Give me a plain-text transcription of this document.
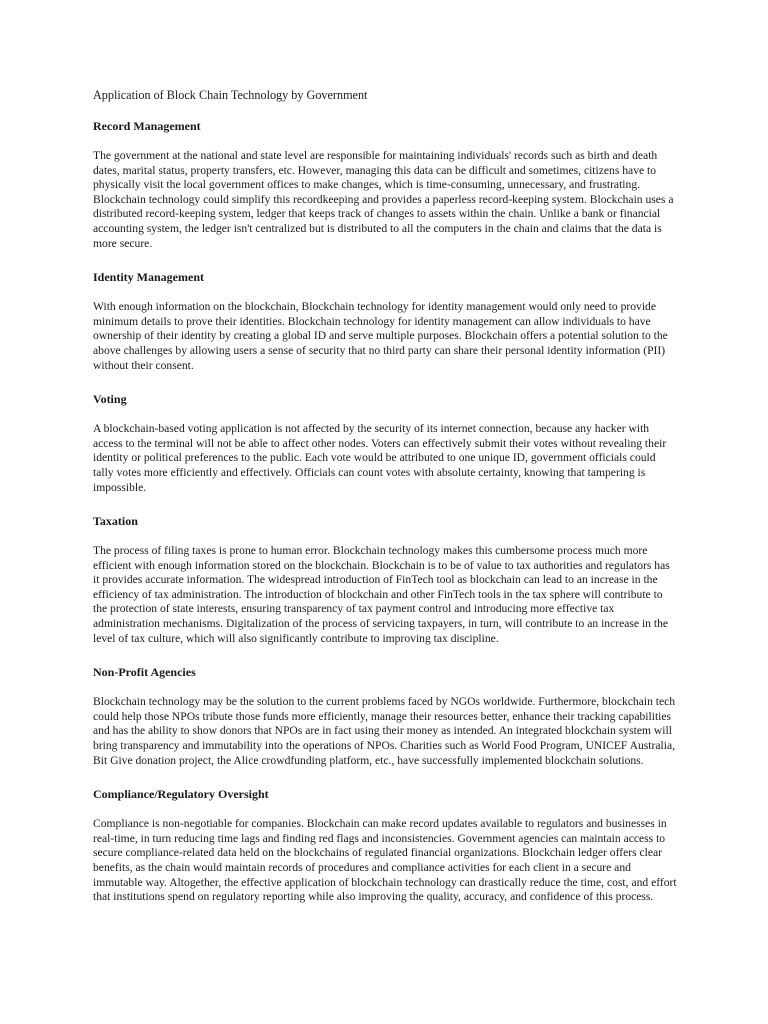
Application of Block Chain Technology by Government

Record Management

The government at the national and state level are responsible for maintaining individuals' records such as birth and death dates, marital status, property transfers, etc. However, managing this data can be difficult and sometimes, citizens have to physically visit the local government offices to make changes, which is time-consuming, unnecessary, and frustrating. Blockchain technology could simplify this recordkeeping and provides a paperless record-keeping system. Blockchain uses a distributed record-keeping system, ledger that keeps track of changes to assets within the chain. Unlike a bank or financial accounting system, the ledger isn't centralized but is distributed to all the computers in the chain and claims that the data is more secure.

Identity Management

With enough information on the blockchain, Blockchain technology for identity management would only need to provide minimum details to prove their identities. Blockchain technology for identity management can allow individuals to have ownership of their identity by creating a global ID and serve multiple purposes. Blockchain offers a potential solution to the above challenges by allowing users a sense of security that no third party can share their personal identity information (PII) without their consent.

Voting

A blockchain-based voting application is not affected by the security of its internet connection, because any hacker with access to the terminal will not be able to affect other nodes. Voters can effectively submit their votes without revealing their identity or political preferences to the public. Each vote would be attributed to one unique ID, government officials could tally votes more efficiently and effectively. Officials can count votes with absolute certainty, knowing that tampering is impossible.

Taxation

The process of filing taxes is prone to human error. Blockchain technology makes this cumbersome process much more efficient with enough information stored on the blockchain. Blockchain is to be of value to tax authorities and regulators has it provides accurate information. The widespread introduction of FinTech tool as blockchain can lead to an increase in the efficiency of tax administration. The introduction of blockchain and other FinTech tools in the tax sphere will contribute to the protection of state interests, ensuring transparency of tax payment control and introducing more effective tax administration mechanisms. Digitalization of the process of servicing taxpayers, in turn, will contribute to an increase in the level of tax culture, which will also significantly contribute to improving tax discipline.

Non-Profit Agencies

Blockchain technology may be the solution to the current problems faced by NGOs worldwide. Furthermore, blockchain tech could help those NPOs tribute those funds more efficiently, manage their resources better, enhance their tracking capabilities and has the ability to show donors that NPOs are in fact using their money as intended. An integrated blockchain system will bring transparency and immutability into the operations of NPOs. Charities such as World Food Program, UNICEF Australia, Bit Give donation project, the Alice crowdfunding platform, etc., have successfully implemented blockchain solutions.

Compliance/Regulatory Oversight

Compliance is non-negotiable for companies. Blockchain can make record updates available to regulators and businesses in real-time, in turn reducing time lags and finding red flags and inconsistencies. Government agencies can maintain access to secure compliance-related data held on the blockchains of regulated financial organizations. Blockchain ledger offers clear benefits, as the chain would maintain records of procedures and compliance activities for each client in a secure and immutable way. Altogether, the effective application of blockchain technology can drastically reduce the time, cost, and effort that institutions spend on regulatory reporting while also improving the quality, accuracy, and confidence of this process.
